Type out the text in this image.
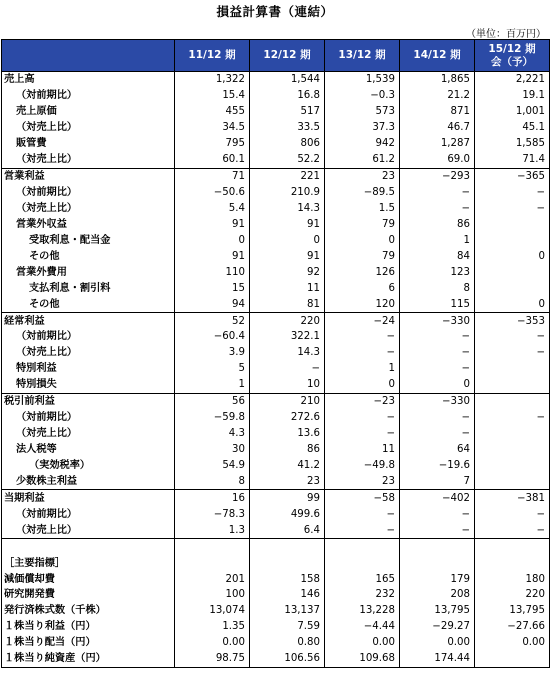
損益計算書（連結）
（単位：百万円）
	11/12 期	12/12 期	13/12 期	14/12 期	15/12 期
会（予）
売上高	1,322	1,544	1,539	1,865	2,221
（対前期比）	15.4	16.8	−0.3	21.2	19.1
売上原価	455	517	573	871	1,001
（対売上比）	34.5	33.5	37.3	46.7	45.1
販管費	795	806	942	1,287	1,585
（対売上比）	60.1	52.2	61.2	69.0	71.4
営業利益	71	221	23	−293	−365
（対前期比）	−50.6	210.9	−89.5	−	−
（対売上比）	5.4	14.3	1.5	−	−
営業外収益	91	91	79	86	
受取利息・配当金	0	0	0	1	
その他	91	91	79	84	0
営業外費用	110	92	126	123	
支払利息・割引料	15	11	6	8	
その他	94	81	120	115	0
経常利益	52	220	−24	−330	−353
（対前期比）	−60.4	322.1	−	−	−
（対売上比）	3.9	14.3	−	−	−
特別利益	5	−	1	−	
特別損失	1	10	0	0	
税引前利益	56	210	−23	−330	
（対前期比）	−59.8	272.6	−	−	−
（対売上比）	4.3	13.6	−	−	
法人税等	30	86	11	64	
（実効税率）	54.9	41.2	−49.8	−19.6	
少数株主利益	8	23	23	7	
当期利益	16	99	−58	−402	−381
（対前期比）	−78.3	499.6	−	−	−
（対売上比）	1.3	6.4	−	−	−

［主要指標］					
減価償却費	201	158	165	179	180
研究開発費	100	146	232	208	220
発行済株式数（千株）	13,074	13,137	13,228	13,795	13,795
１株当り利益（円）	1.35	7.59	−4.44	−29.27	−27.66
１株当り配当（円）	0.00	0.80	0.00	0.00	0.00
１株当り純資産（円）	98.75	106.56	109.68	174.44	
